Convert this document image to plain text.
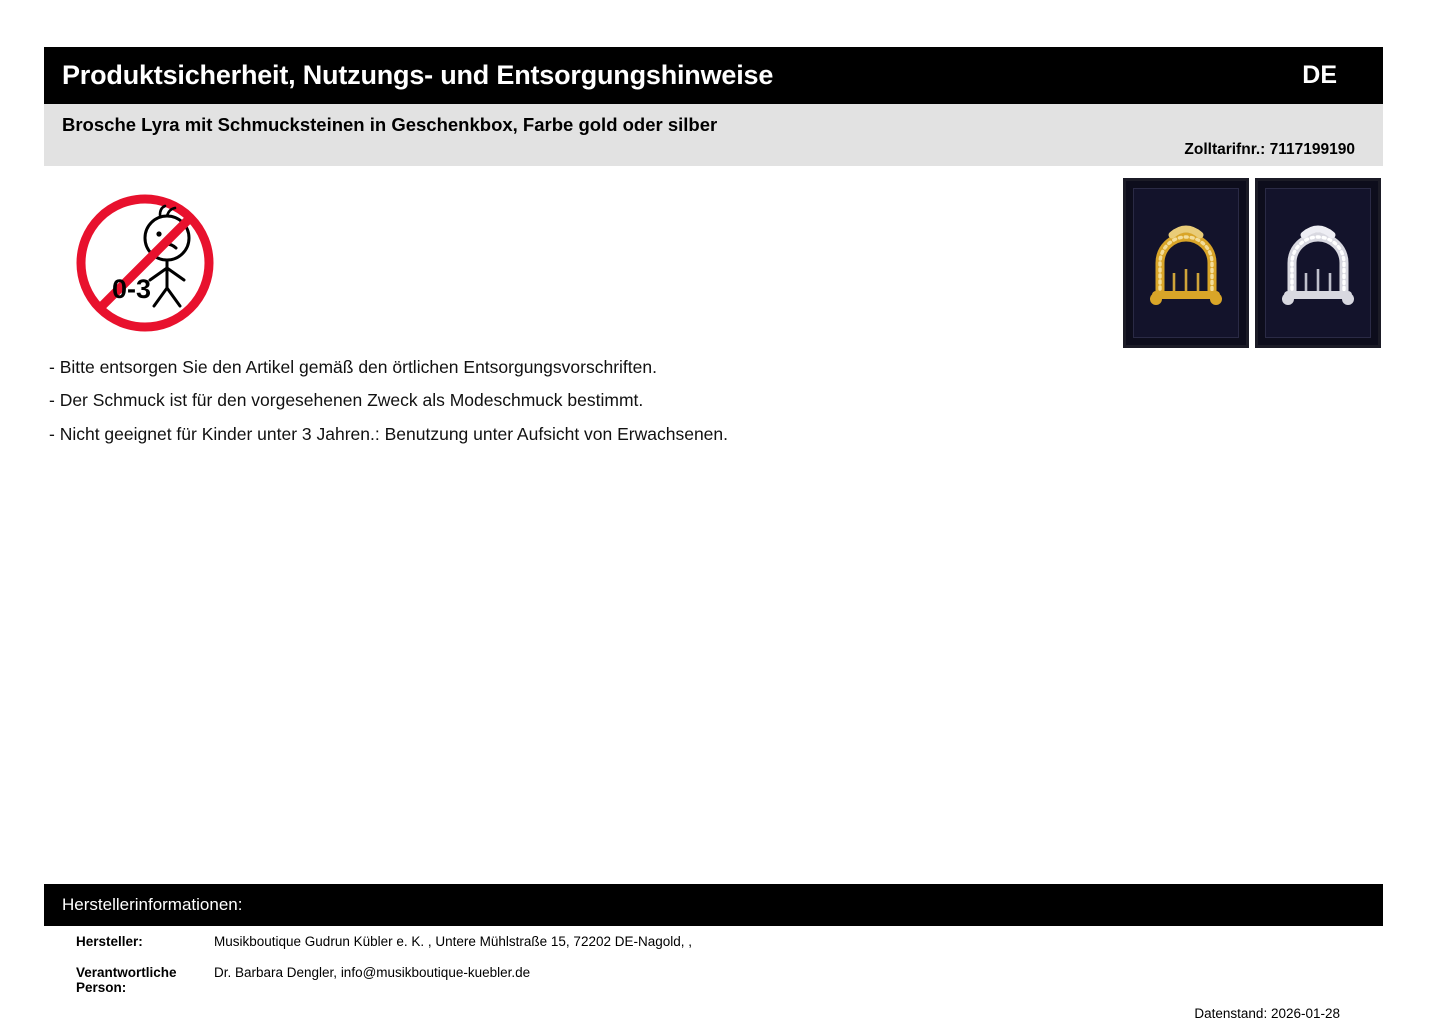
Produktsicherheit, Nutzungs- und Entsorgungshinweise	DE
Brosche Lyra mit Schmucksteinen in Geschenkbox, Farbe gold oder silber
Zolltarifnr.: 7117199190
0-3
- Bitte entsorgen Sie den Artikel gemäß den örtlichen Entsorgungsvorschriften.
- Der Schmuck ist für den vorgesehenen Zweck als Modeschmuck bestimmt.
- Nicht geeignet für Kinder unter 3 Jahren.: Benutzung unter Aufsicht von Erwachsenen.
Herstellerinformationen:
Hersteller:	Musikboutique Gudrun Kübler e. K. , Untere Mühlstraße 15, 72202 DE-Nagold, ,
Verantwortliche Person:
Dr. Barbara Dengler, info@musikboutique-kuebler.de
Datenstand: 2026-01-28
